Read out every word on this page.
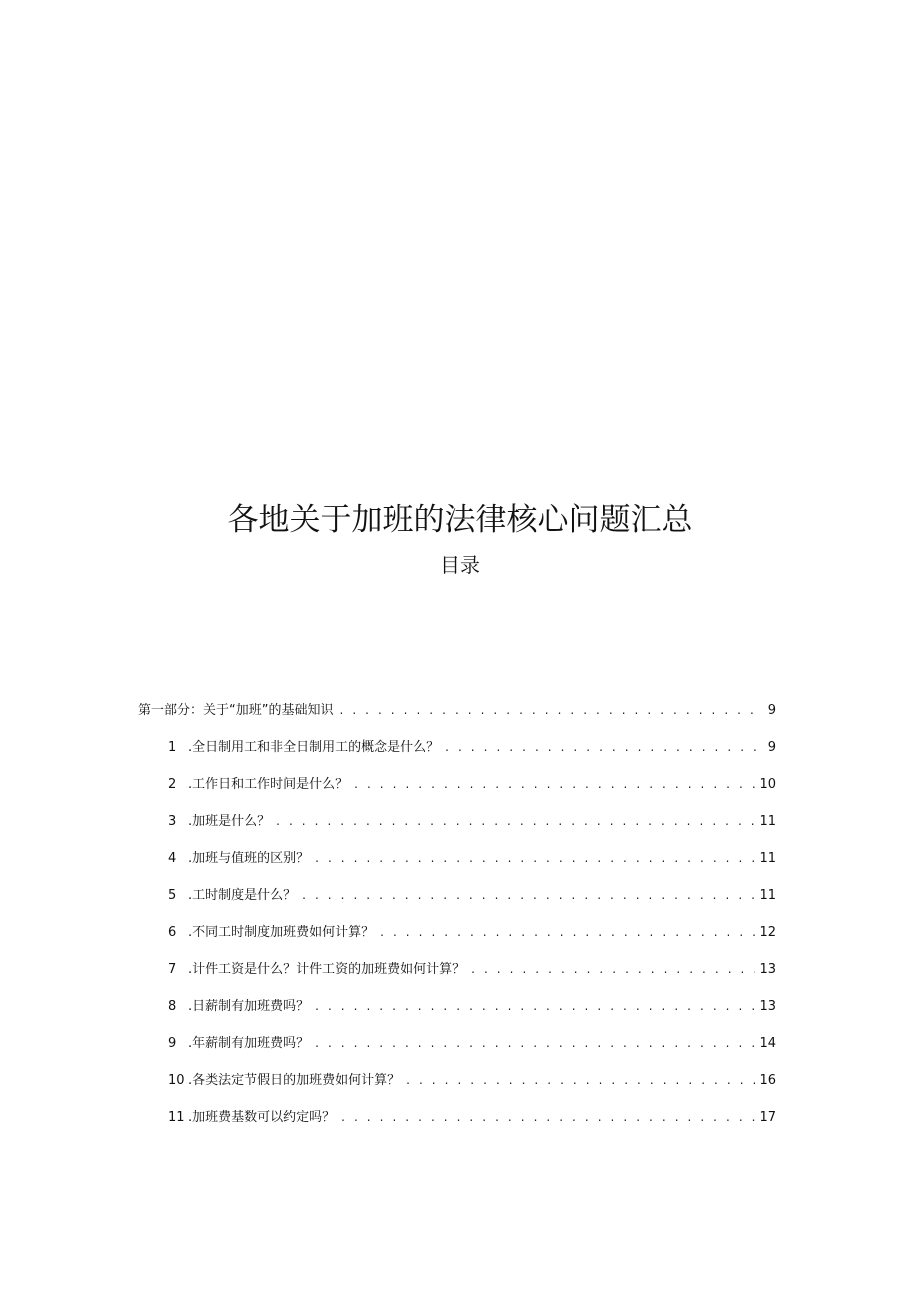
各地关于加班的法律核心问题汇总
目录
第一部分：关于“加班”的基础知识 . . .	9
1 .全日制用工和非全日制用工的概念是什么？ . . .	9
2 .工作日和工作时间是什么？ . . .	10
3 .加班是什么？ . . .	11
4 .加班与值班的区别？ . . .	11
5 .工时制度是什么？ . . .	11
6 .不同工时制度加班费如何计算？ . . .	12
7 .计件工资是什么？计件工资的加班费如何计算？ . . .	13
8 .日薪制有加班费吗？ . . .	13
9 .年薪制有加班费吗？ . . .	14
10 .各类法定节假日的加班费如何计算？ . . .	16
11 .加班费基数可以约定吗？ . . .	17
